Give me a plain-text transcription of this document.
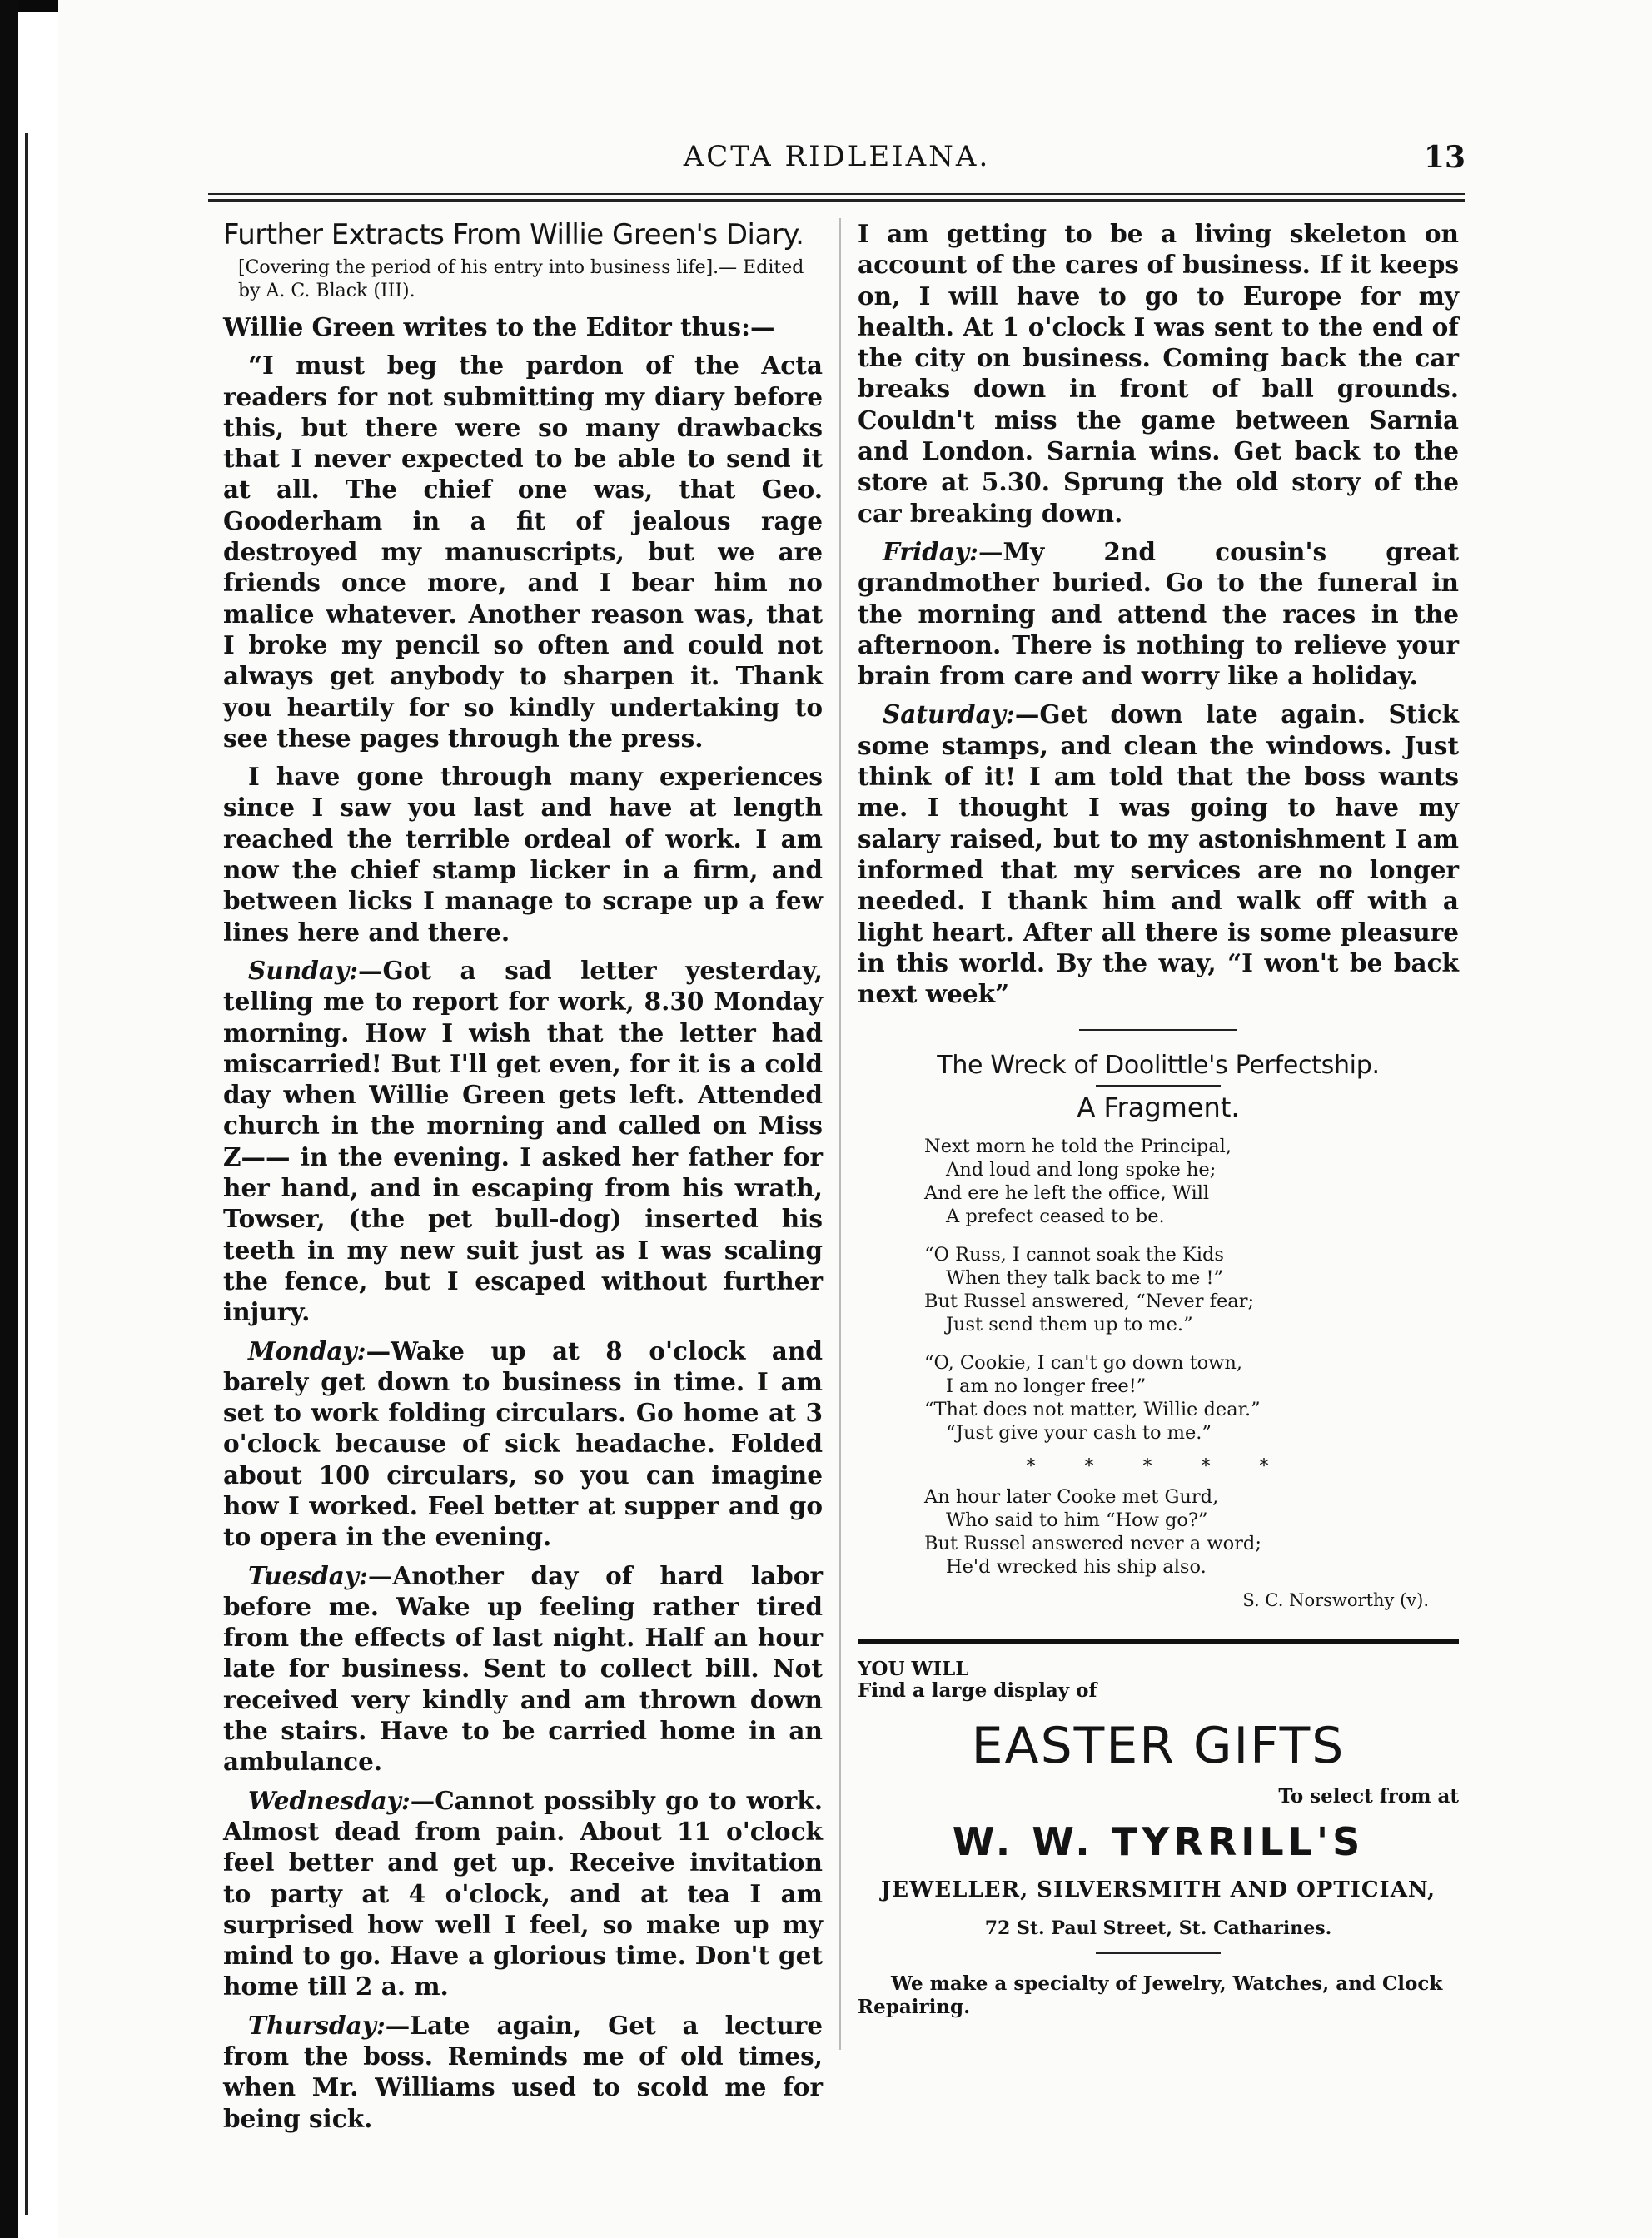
ACTA RIDLEIANA.	13
Further Extracts From Willie Green's Diary.
[Covering the period of his entry into business life].— Edited by A. C. Black (III).

Willie Green writes to the Editor thus:—

“I must beg the pardon of the Acta readers for not submitting my diary before this, but there were so many drawbacks that I never expected to be able to send it at all. The chief one was, that Geo. Gooderham in a fit of jealous rage destroyed my manuscripts, but we are friends once more, and I bear him no malice whatever. Another reason was, that I broke my pencil so often and could not always get anybody to sharpen it. Thank you heartily for so kindly undertaking to see these pages through the press.

I have gone through many experiences since I saw you last and have at length reached the terrible ordeal of work. I am now the chief stamp licker in a firm, and between licks I manage to scrape up a few lines here and there.

Sunday:—Got a sad letter yesterday, telling me to report for work, 8.30 Monday morning. How I wish that the letter had miscarried! But I'll get even, for it is a cold day when Willie Green gets left. Attended church in the morning and called on Miss Z—— in the evening. I asked her father for her hand, and in escaping from his wrath, Towser, (the pet bull-dog) inserted his teeth in my new suit just as I was scaling the fence, but I escaped without further injury.

Monday:—Wake up at 8 o'clock and barely get down to business in time. I am set to work folding circulars. Go home at 3 o'clock because of sick headache. Folded about 100 circulars, so you can imagine how I worked. Feel better at supper and go to opera in the evening.

Tuesday:—Another day of hard labor before me. Wake up feeling rather tired from the effects of last night. Half an hour late for business. Sent to collect bill. Not received very kindly and am thrown down the stairs. Have to be carried home in an ambulance.

Wednesday:—Cannot possibly go to work. Almost dead from pain. About 11 o'clock feel better and get up. Receive invitation to party at 4 o'clock, and at tea I am surprised how well I feel, so make up my mind to go. Have a glorious time. Don't get home till 2 a. m.

Thursday:—Late again, Get a lecture from the boss. Reminds me of old times, when Mr. Williams used to scold me for being sick.

I am getting to be a living skeleton on account of the cares of business. If it keeps on, I will have to go to Europe for my health. At 1 o'clock I was sent to the end of the city on business. Coming back the car breaks down in front of ball grounds. Couldn't miss the game between Sarnia and London. Sarnia wins. Get back to the store at 5.30. Sprung the old story of the car breaking down.

Friday:—My 2nd cousin's great grandmother buried. Go to the funeral in the morning and attend the races in the afternoon. There is nothing to relieve your brain from care and worry like a holiday.

Saturday:—Get down late again. Stick some stamps, and clean the windows. Just think of it! I am told that the boss wants me. I thought I was going to have my salary raised, but to my astonishment I am informed that my services are no longer needed. I thank him and walk off with a light heart. After all there is some pleasure in this world. By the way, “I won't be back next week”

The Wreck of Doolittle's Perfectship.
A Fragment.
Next morn he told the Principal,
And loud and long spoke he;
And ere he left the office, Will
A prefect ceased to be.
“O Russ, I cannot soak the Kids
When they talk back to me !”
But Russel answered, “Never fear;
Just send them up to me.”
“O, Cookie, I can't go down town,
I am no longer free!”
“That does not matter, Willie dear.”
“Just give your cash to me.”
* * * * *
An hour later Cooke met Gurd,
Who said to him “How go?”
But Russel answered never a word;
He'd wrecked his ship also.
S. C. Norsworthy (v).
YOU WILL
Find a large display of
EASTER GIFTS
To select from at
W. W. TYRRILL'S
JEWELLER, SILVERSMITH AND OPTICIAN,
72 St. Paul Street, St. Catharines.
We make a specialty of Jewelry, Watches, and Clock Repairing.
